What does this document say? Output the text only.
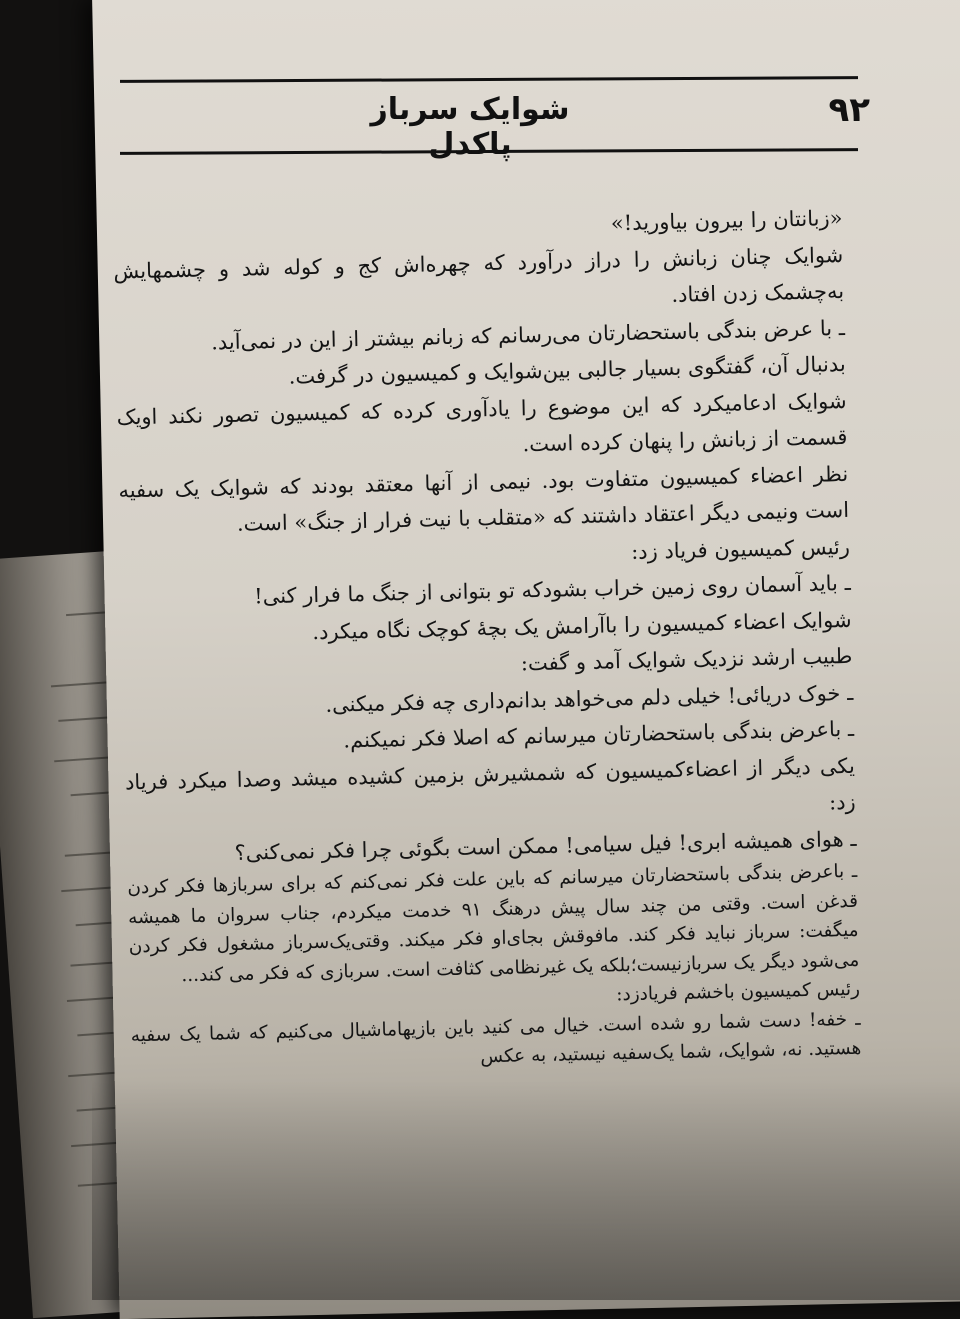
شوایک سرباز پاکدل
۹۲

«زبانتان را بیرون بیاورید!»

شوایک چنان زبانش را دراز درآورد که چهره‌اش کج و کوله شد و چشمهایش به‌چشمک زدن افتاد.

ـ با عرض بندگی باستحضارتان می‌رسانم که زبانم بیشتر از این در نمی‌آید.

بدنبال آن، گفتگوی بسیار جالبی بین‌شوایک و کمیسیون در گرفت.

شوایک ادعامیکرد که این موضوع را یادآوری کرده که کمیسیون تصور نکند اویک قسمت از زبانش را پنهان کرده است.

نظر اعضاء کمیسیون متفاوت بود. نیمی از آنها معتقد بودند که شوایک یک سفیه است ونیمی دیگر اعتقاد داشتند که «متقلب با نیت فرار از جنگ» است.

رئیس کمیسیون فریاد زد:

ـ باید آسمان روی زمین خراب بشودکه تو بتوانی از جنگ ما فرار کنی!

شوایک اعضاء کمیسیون را باآرامش یک بچهٔ کوچک نگاه میکرد.

طبیب ارشد نزدیک شوایک آمد و گفت:

ـ خوک دریائی! خیلی دلم می‌خواهد بدانم‌داری چه فکر میکنی.

ـ باعرض بندگی باستحضارتان میرسانم که اصلا فکر نمیکنم.

یکی دیگر از اعضاءکمیسیون که شمشیرش بزمین کشیده میشد وصدا میکرد فریاد زد:

ـ هوای همیشه ابری! فیل سیامی! ممکن است بگوئی چرا فکر نمی‌کنی؟

ـ باعرض بندگی باستحضارتان میرسانم که باین علت فکر نمی‌کنم که برای سربازها فکر کردن قدغن است. وقتی من چند سال پیش درهنگ ۹۱ خدمت میکردم، جناب سروان ما همیشه میگفت: سرباز نباید فکر کند. مافوقش بجای‌او فکر میکند. وقتی‌یک‌سرباز مشغول فکر کردن می‌شود دیگر یک سربازنیست؛بلکه یک غیرنظامی کثافت است. سربازی که فکر می کند...

رئیس کمیسیون باخشم فریادزد:

ـ خفه! دست شما رو شده است. خیال می کنید باین بازیهاما‌شیال می‌کنیم که شما یک سفیه هستید. نه، شوایک، شما یک‌سفیه نیستید، به عکس
